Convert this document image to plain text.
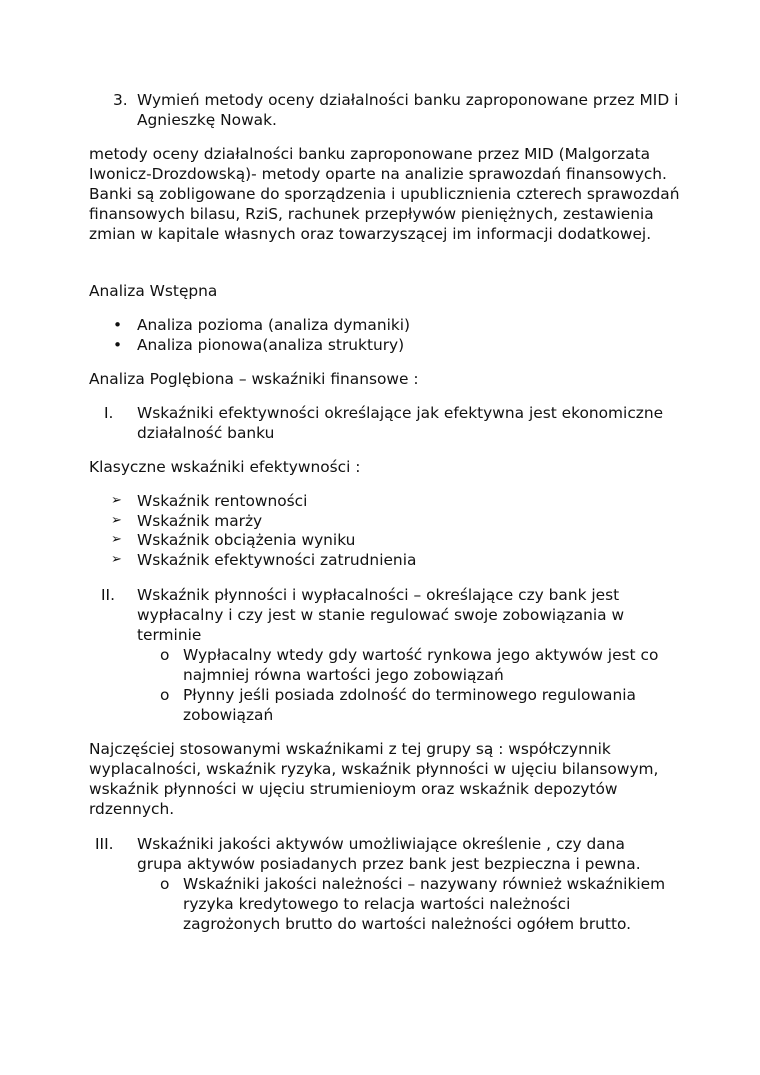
3. Wymień metody oceny działalności banku zaproponowane przez MID i Agnieszkę Nowak.
metody oceny działalności banku zaproponowane przez MID (Malgorzata Iwonicz-Drozdowską)- metody oparte na analizie sprawozdań finansowych. Banki są zobligowane do sporządzenia i upublicznienia czterech sprawozdań finansowych bilasu, RziS, rachunek przepływów pieniężnych, zestawienia zmian w kapitale własnych oraz towarzyszącej im informacji dodatkowej.
Analiza Wstępna
• Analiza pozioma (analiza dymaniki)
• Analiza pionowa(analiza struktury)
Analiza Poglębiona – wskaźniki finansowe :
I.	Wskaźniki efektywności określające jak efektywna jest ekonomiczne działalność banku
Klasyczne wskaźniki efektywności :
➢ Wskaźnik rentowności
➢ Wskaźnik marży
➢ Wskaźnik obciążenia wyniku
➢ Wskaźnik efektywności zatrudnienia
II.	Wskaźnik płynności i wypłacalności – określające czy bank jest wypłacalny i czy jest w stanie regulować swoje zobowiązania w terminie
o Wypłacalny wtedy gdy wartość rynkowa jego aktywów jest co najmniej równa wartości jego zobowiązań
o Płynny jeśli posiada zdolność do terminowego regulowania zobowiązań
Najczęściej stosowanymi wskaźnikami z tej grupy są : współczynnik wyplacalności, wskaźnik ryzyka, wskaźnik płynności w ujęciu bilansowym, wskaźnik płynności w ujęciu strumienioym oraz wskaźnik depozytów rdzennych.
III.	Wskaźniki jakości aktywów umożliwiające określenie , czy dana grupa aktywów posiadanych przez bank jest bezpieczna i pewna.
o Wskaźniki jakości należności – nazywany również wskaźnikiem ryzyka kredytowego to relacja wartości należności zagrożonych brutto do wartości należności ogółem brutto.
